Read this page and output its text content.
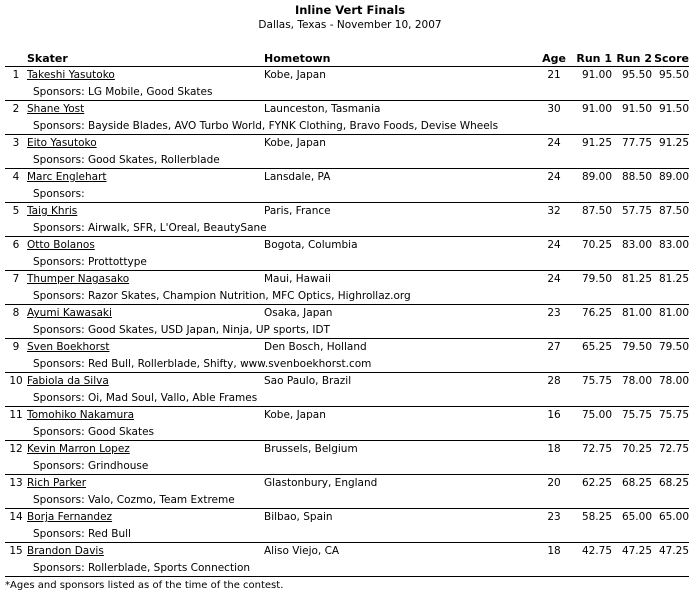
Inline Vert Finals
Dallas, Texas - November 10, 2007
	Skater	Hometown	Age	Run 1	Run 2	Score
1	Takeshi Yasutoko	Kobe, Japan	21	91.00	95.50	95.50
	Sponsors: LG Mobile, Good Skates					
2	Shane Yost	Launceston, Tasmania	30	91.00	91.50	91.50
	Sponsors: Bayside Blades, AVO Turbo World, FYNK Clothing, Bravo Foods, Devise Wheels					
3	Eito Yasutoko	Kobe, Japan	24	91.25	77.75	91.25
	Sponsors: Good Skates, Rollerblade					
4	Marc Englehart	Lansdale, PA	24	89.00	88.50	89.00
	Sponsors:					
5	Taig Khris	Paris, France	32	87.50	57.75	87.50
	Sponsors: Airwalk, SFR, L'Oreal, BeautySane					
6	Otto Bolanos	Bogota, Columbia	24	70.25	83.00	83.00
	Sponsors: Prottottype					
7	Thumper Nagasako	Maui, Hawaii	24	79.50	81.25	81.25
	Sponsors: Razor Skates, Champion Nutrition, MFC Optics, Highrollaz.org					
8	Ayumi Kawasaki	Osaka, Japan	23	76.25	81.00	81.00
	Sponsors: Good Skates, USD Japan, Ninja, UP sports, IDT					
9	Sven Boekhorst	Den Bosch, Holland	27	65.25	79.50	79.50
	Sponsors: Red Bull, Rollerblade, Shifty, www.svenboekhorst.com					
10	Fabiola da Silva	Sao Paulo, Brazil	28	75.75	78.00	78.00
	Sponsors: Oi, Mad Soul, Vallo, Able Frames					
11	Tomohiko Nakamura	Kobe, Japan	16	75.00	75.75	75.75
	Sponsors: Good Skates					
12	Kevin Marron Lopez	Brussels, Belgium	18	72.75	70.25	72.75
	Sponsors: Grindhouse					
13	Rich Parker	Glastonbury, England	20	62.25	68.25	68.25
	Sponsors: Valo, Cozmo, Team Extreme					
14	Borja Fernandez	Bilbao, Spain	23	58.25	65.00	65.00
	Sponsors: Red Bull					
15	Brandon Davis	Aliso Viejo, CA	18	42.75	47.25	47.25
	Sponsors: Rollerblade, Sports Connection					
*Ages and sponsors listed as of the time of the contest.
